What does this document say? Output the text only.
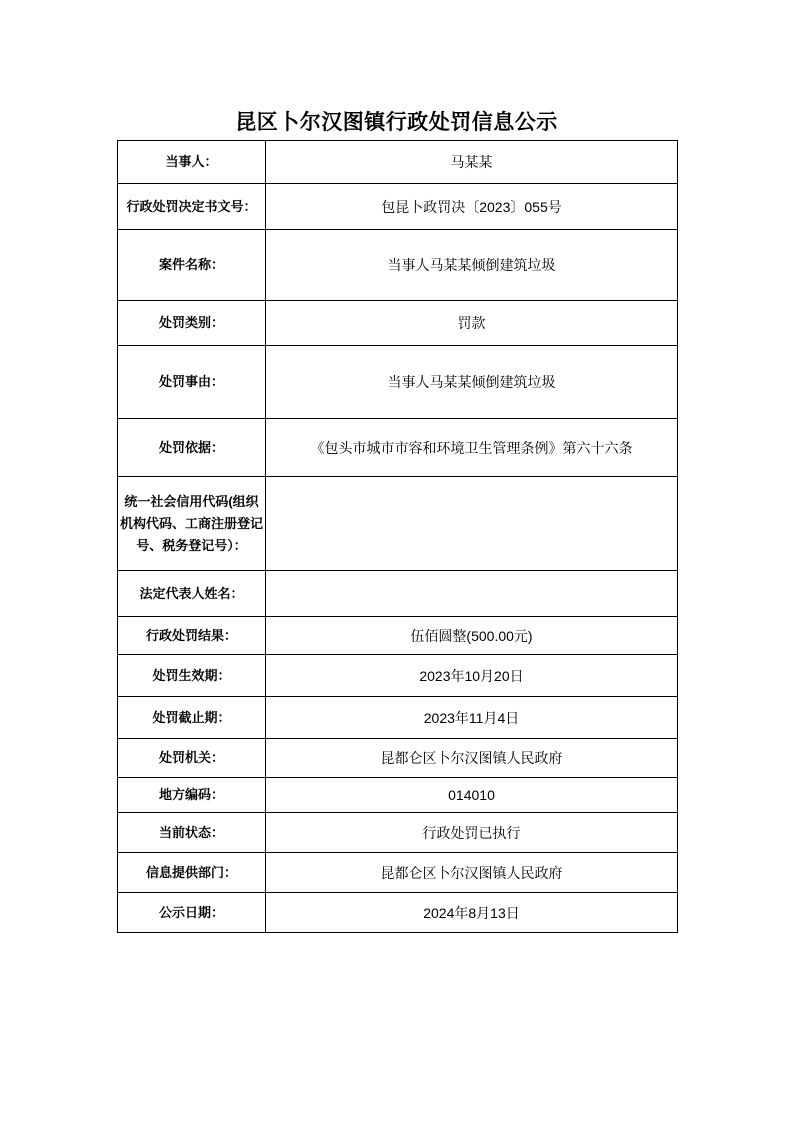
昆区卜尔汉图镇行政处罚信息公示
当事人：	马某某
行政处罚决定书文号：	包昆卜政罚决〔2023〕055号
案件名称：	当事人马某某倾倒建筑垃圾
处罚类别：	罚款
处罚事由：	当事人马某某倾倒建筑垃圾
处罚依据：	《包头市城市市容和环境卫生管理条例》第六十六条
统一社会信用代码(组织机构代码、工商注册登记号、税务登记号）：	
法定代表人姓名：	
行政处罚结果：	伍佰圆整(500.00元)
处罚生效期：	2023年10月20日
处罚截止期：	2023年11月4日
处罚机关：	昆都仑区卜尔汉图镇人民政府
地方编码：	014010
当前状态：	行政处罚已执行
信息提供部门：	昆都仑区卜尔汉图镇人民政府
公示日期：	2024年8月13日
